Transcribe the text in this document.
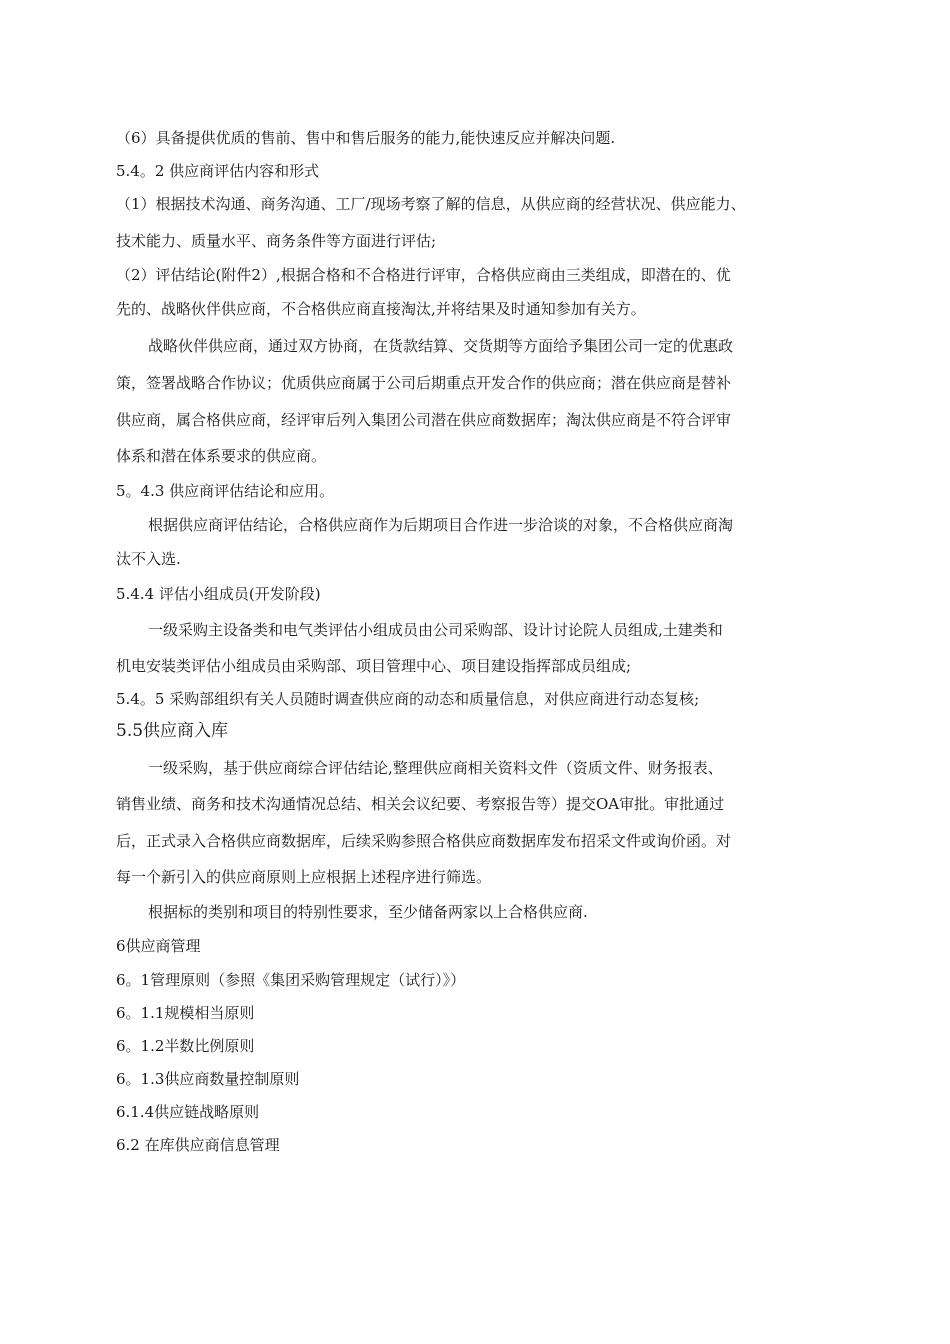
（6）具备提供优质的售前、售中和售后服务的能力,能快速反应并解决问题.
5.4。2 供应商评估内容和形式
（1）根据技术沟通、商务沟通、工厂/现场考察了解的信息，从供应商的经营状况、供应能力、
技术能力、质量水平、商务条件等方面进行评估;
（2）评估结论(附件2）,根据合格和不合格进行评审，合格供应商由三类组成，即潜在的、优
先的、战略伙伴供应商，不合格供应商直接淘汰,并将结果及时通知参加有关方。
战略伙伴供应商，通过双方协商，在货款结算、交货期等方面给予集团公司一定的优惠政
策，签署战略合作协议；优质供应商属于公司后期重点开发合作的供应商；潜在供应商是替补
供应商，属合格供应商，经评审后列入集团公司潜在供应商数据库；淘汰供应商是不符合评审
体系和潜在体系要求的供应商。
5。4.3 供应商评估结论和应用。
根据供应商评估结论，合格供应商作为后期项目合作进一步洽谈的对象，不合格供应商淘
汰不入选.
5.4.4 评估小组成员(开发阶段)
一级采购主设备类和电气类评估小组成员由公司采购部、设计讨论院人员组成,土建类和
机电安装类评估小组成员由采购部、项目管理中心、项目建设指挥部成员组成;
5.4。5 采购部组织有关人员随时调查供应商的动态和质量信息，对供应商进行动态复核;
5.5供应商入库
一级采购，基于供应商综合评估结论,整理供应商相关资料文件（资质文件、财务报表、
销售业绩、商务和技术沟通情况总结、相关会议纪要、考察报告等）提交OA审批。审批通过
后，正式录入合格供应商数据库，后续采购参照合格供应商数据库发布招采文件或询价函。对
每一个新引入的供应商原则上应根据上述程序进行筛选。
根据标的类别和项目的特别性要求，至少储备两家以上合格供应商.
6供应商管理
6。1管理原则（参照《集团采购管理规定（试行）》）
6。1.1规模相当原则
6。1.2半数比例原则
6。1.3供应商数量控制原则
6.1.4供应链战略原则
6.2 在库供应商信息管理
